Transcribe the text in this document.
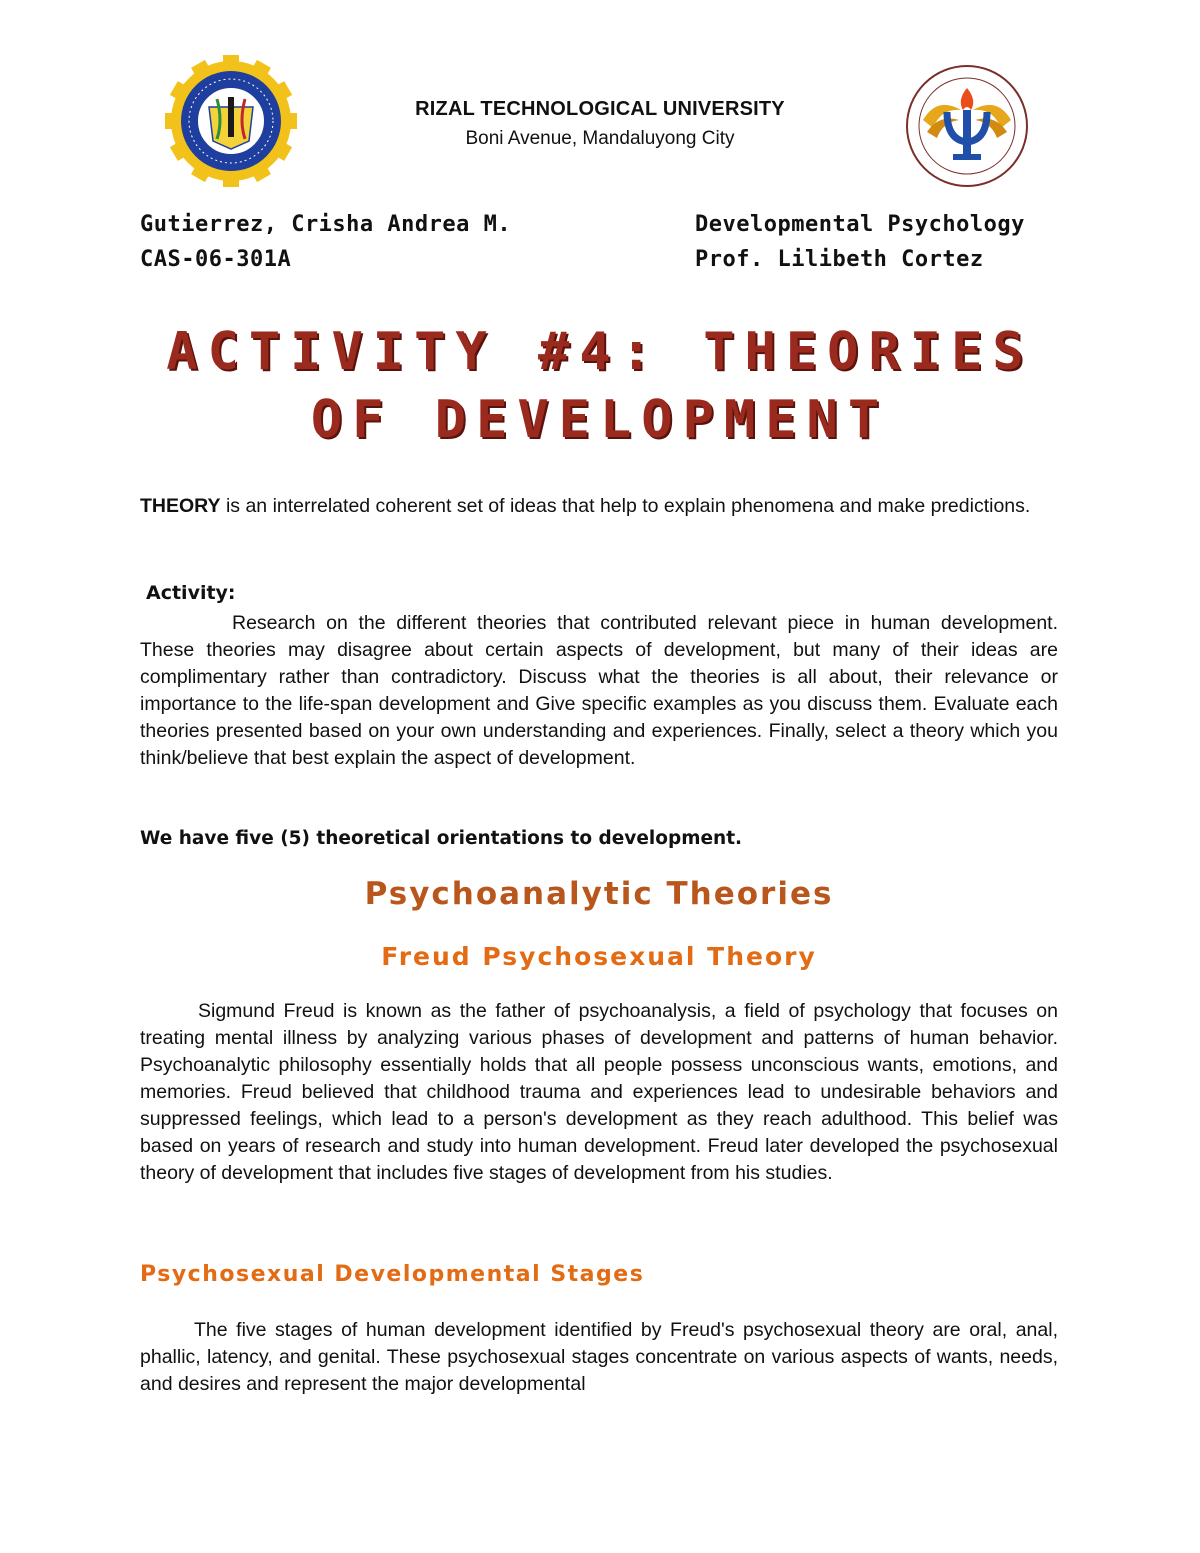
RIZAL TECHNOLOGICAL UNIVERSITY
Boni Avenue, Mandaluyong City
Gutierrez, Crisha Andrea M.
CAS-06-301A
Developmental Psychology
Prof. Lilibeth Cortez
ACTIVITY #4: THEORIES
OF DEVELOPMENT
THEORY is an interrelated coherent set of ideas that help to explain phenomena and make predictions.
Activity:
Research on the different theories that contributed relevant piece in human development. These theories may disagree about certain aspects of development, but many of their ideas are complimentary rather than contradictory. Discuss what the theories is all about, their relevance or importance to the life-span development and Give specific examples as you discuss them. Evaluate each theories presented based on your own understanding and experiences. Finally, select a theory which you think/believe that best explain the aspect of development.
We have five (5) theoretical orientations to development.
Psychoanalytic Theories
Freud Psychosexual Theory
Sigmund Freud is known as the father of psychoanalysis, a field of psychology that focuses on treating mental illness by analyzing various phases of development and patterns of human behavior. Psychoanalytic philosophy essentially holds that all people possess unconscious wants, emotions, and memories. Freud believed that childhood trauma and experiences lead to undesirable behaviors and suppressed feelings, which lead to a person's development as they reach adulthood. This belief was based on years of research and study into human development. Freud later developed the psychosexual theory of development that includes five stages of development from his studies.
Psychosexual Developmental Stages
The five stages of human development identified by Freud's psychosexual theory are oral, anal, phallic, latency, and genital. These psychosexual stages concentrate on various aspects of wants, needs, and desires and represent the major developmental
